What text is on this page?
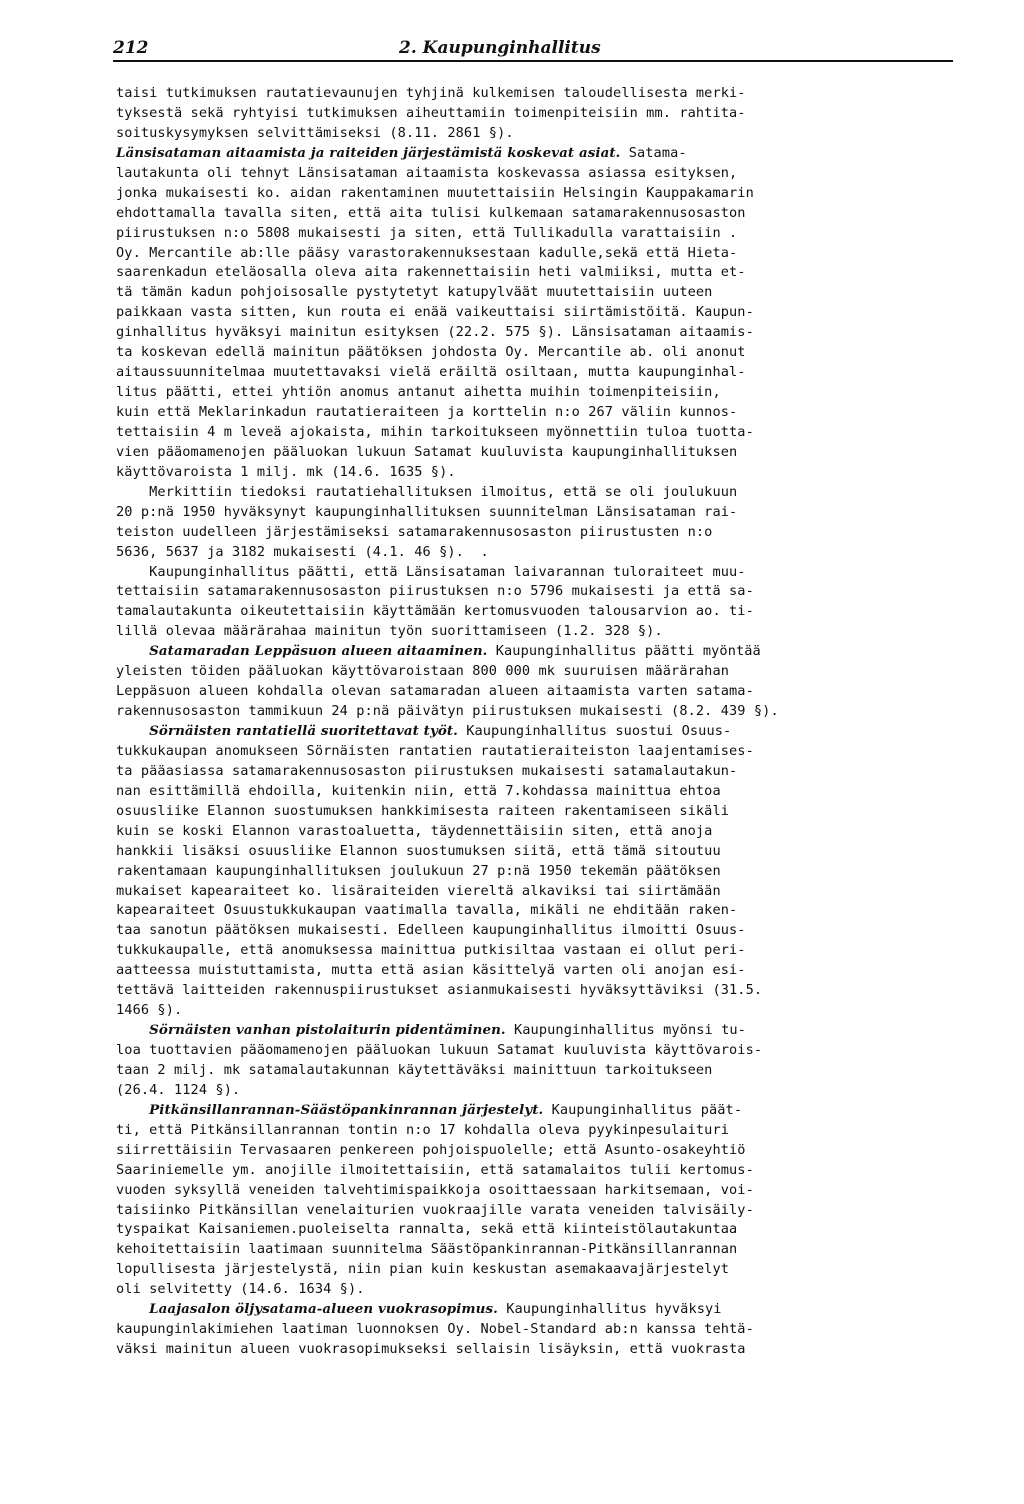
212	2. Kaupunginhallitus
taisi tutkimuksen rautatievaunujen tyhjinä kulkemisen taloudellisesta merki-
tyksestä sekä ryhtyisi tutkimuksen aiheuttamiin toimenpiteisiin mm. rahtita-
soituskysymyksen selvittämiseksi (8.11. 2861 §).
Länsisataman aitaamista ja raiteiden järjestämistä koskevat asiat. Satama-
lautakunta oli tehnyt Länsisataman aitaamista koskevassa asiassa esityksen,
jonka mukaisesti ko. aidan rakentaminen muutettaisiin Helsingin Kauppakamarin
ehdottamalla tavalla siten, että aita tulisi kulkemaan satamarakennusosaston
piirustuksen n:o 5808 mukaisesti ja siten, että Tullikadulla varattaisiin .
Oy. Mercantile ab:lle pääsy varastorakennuksestaan kadulle,sekä että Hieta-
saarenkadun eteläosalla oleva aita rakennettaisiin heti valmiiksi, mutta et-
tä tämän kadun pohjoisosalle pystytetyt katupylväät muutettaisiin uuteen
paikkaan vasta sitten, kun routa ei enää vaikeuttaisi siirtämistöitä. Kaupun-
ginhallitus hyväksyi mainitun esityksen (22.2. 575 §). Länsisataman aitaamis-
ta koskevan edellä mainitun päätöksen johdosta Oy. Mercantile ab. oli anonut
aitaussuunnitelmaa muutettavaksi vielä eräiltä osiltaan, mutta kaupunginhal-
litus päätti, ettei yhtiön anomus antanut aihetta muihin toimenpiteisiin,
kuin että Meklarinkadun rautatieraiteen ja korttelin n:o 267 väliin kunnos-
tettaisiin 4 m leveä ajokaista, mihin tarkoitukseen myönnettiin tuloa tuotta-
vien pääomamenojen pääluokan lukuun Satamat kuuluvista kaupunginhallituksen
käyttövaroista 1 milj. mk (14.6. 1635 §).
Merkittiin tiedoksi rautatiehallituksen ilmoitus, että se oli joulukuun
20 p:nä 1950 hyväksynyt kaupunginhallituksen suunnitelman Länsisataman rai-
teiston uudelleen järjestämiseksi satamarakennusosaston piirustusten n:o
5636, 5637 ja 3182 mukaisesti (4.1. 46 §).  .
Kaupunginhallitus päätti, että Länsisataman laivarannan tuloraiteet muu-
tettaisiin satamarakennusosaston piirustuksen n:o 5796 mukaisesti ja että sa-
tamalautakunta oikeutettaisiin käyttämään kertomusvuoden talousarvion ao. ti-
lillä olevaa määrärahaa mainitun työn suorittamiseen (1.2. 328 §).
Satamaradan Leppäsuon alueen aitaaminen. Kaupunginhallitus päätti myöntää
yleisten töiden pääluokan käyttövaroistaan 800 000 mk suuruisen määrärahan
Leppäsuon alueen kohdalla olevan satamaradan alueen aitaamista varten satama-
rakennusosaston tammikuun 24 p:nä päivätyn piirustuksen mukaisesti (8.2. 439 §).
Sörnäisten rantatiellä suoritettavat työt. Kaupunginhallitus suostui Osuus-
tukkukaupan anomukseen Sörnäisten rantatien rautatieraiteiston laajentamises-
ta pääasiassa satamarakennusosaston piirustuksen mukaisesti satamalautakun-
nan esittämillä ehdoilla, kuitenkin niin, että 7.kohdassa mainittua ehtoa
osuusliike Elannon suostumuksen hankkimisesta raiteen rakentamiseen sikäli
kuin se koski Elannon varastoaluetta, täydennettäisiin siten, että anoja
hankkii lisäksi osuusliike Elannon suostumuksen siitä, että tämä sitoutuu
rakentamaan kaupunginhallituksen joulukuun 27 p:nä 1950 tekemän päätöksen
mukaiset kapearaiteet ko. lisäraiteiden viereltä alkaviksi tai siirtämään
kapearaiteet Osuustukkukaupan vaatimalla tavalla, mikäli ne ehditään raken-
taa sanotun päätöksen mukaisesti. Edelleen kaupunginhallitus ilmoitti Osuus-
tukkukaupalle, että anomuksessa mainittua putkisiltaa vastaan ei ollut peri-
aatteessa muistuttamista, mutta että asian käsittelyä varten oli anojan esi-
tettävä laitteiden rakennuspiirustukset asianmukaisesti hyväksyttäviksi (31.5.
1466 §).
Sörnäisten vanhan pistolaiturin pidentäminen. Kaupunginhallitus myönsi tu-
loa tuottavien pääomamenojen pääluokan lukuun Satamat kuuluvista käyttövarois-
taan 2 milj. mk satamalautakunnan käytettäväksi mainittuun tarkoitukseen
(26.4. 1124 §).
Pitkänsillanrannan-Säästöpankinrannan järjestelyt. Kaupunginhallitus päät-
ti, että Pitkänsillanrannan tontin n:o 17 kohdalla oleva pyykinpesulaituri
siirrettäisiin Tervasaaren penkereen pohjoispuolelle; että Asunto-osakeyhtiö
Saariniemelle ym. anojille ilmoitettaisiin, että satamalaitos tulii kertomus-
vuoden syksyllä veneiden talvehtimispaikkoja osoittaessaan harkitsemaan, voi-
taisiinko Pitkänsillan venelaiturien vuokraajille varata veneiden talvisäily-
tyspaikat Kaisaniemen.puoleiselta rannalta, sekä että kiinteistölautakuntaa
kehoitettaisiin laatimaan suunnitelma Säästöpankinrannan-Pitkänsillanrannan
lopullisesta järjestelystä, niin pian kuin keskustan asemakaavajärjestelyt
oli selvitetty (14.6. 1634 §).
Laajasalon öljysatama-alueen vuokrasopimus. Kaupunginhallitus hyväksyi
kaupunginlakimiehen laatiman luonnoksen Oy. Nobel-Standard ab:n kanssa tehtä-
väksi mainitun alueen vuokrasopimukseksi sellaisin lisäyksin, että vuokrasta
